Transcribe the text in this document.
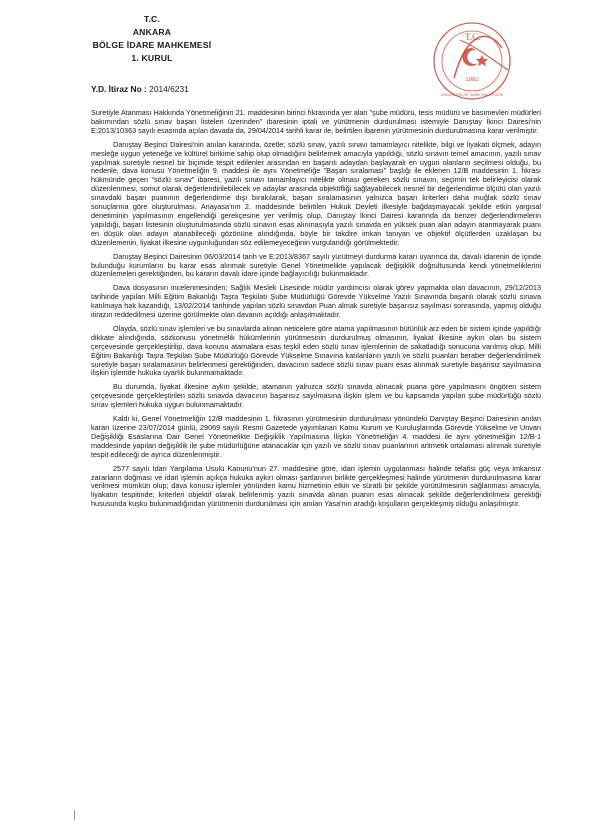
T.C.
ANKARA
BÖLGE İDARE MAHKEMESİ
1. KURUL
Y.D. İtiraz No : 2014/6231
T.C.
1982
ANKARA BÖLGE İDARE MAHKEMESİ

Suretiyle Atanması Hakkında Yönetmeliğinin 21. maddesinin birinci fıkrasında yer alan "şube müdürü, tesis müdürü ve basımevleri müdürleri bakımından sözlü sınav başarı listeleri üzerinden" ibaresinin iptali ve yürütmenin durdurulması istemiyle Danıştay İkinci Dairesi'nin E:2013/10363 sayılı esasında açılan davada da, 29/04/2014 tarihli karar ile, belirtilen ibarenin yürütmesinin durdurulmasına karar verilmiştir.

Danıştay Beşinci Dairesi'nin anılan kararında, özetle; sözlü sınav, yazılı sınavı tamamlayıcı nitelikte, bilgi ve liyakati ölçmek, adayın mesleğe uygun yeteneğe ve kültürel birikime sahip olup olmadığını belirlemek amacıyla yapıldığı, sözlü sınavın temel amacının, yazılı sınav yapılmak suretiyle nesnel bir biçimde tespit edilenler arasından en başarılı adaydan başlayarak en uygun olanların seçilmesi olduğu, bu nedenle, dava konusu Yönetmeliğin 9. maddesi ile aynı Yönetmeliğe "Başarı sıralaması" başlığı ile eklenen 12/B maddesinin 1. fıkrası hükmünde geçen "sözlü sınav" ibaresi, yazılı sınavı tamamlayıcı nitelikte olması gereken sözlü sınavın, seçimin tek belirleyicisi olarak düzenlenmesi, somut olarak değerlendirilebilecek ve adaylar arasında objektifliği sağlayabilecek nesnel bir değerlendirme ölçütü olan yazılı sınavdaki başarı puanının değerlendirme dışı bırakılarak, başarı sıralamasının yalnızca başarı kriterleri daha muğlak sözlü sınav sonuçlarına göre oluşturulması, Anayasa'nın 2. maddesinde belirtilen Hukuk Devleti ilkesiyle bağdaşmayacak şekilde etkin yargısal denetiminin yapılmasının engellendiği gerekçesine yer verilmiş olup, Danıştay İkinci Dairesi kararında da benzer değerlendirmelerin yapıldığı, başarı listesinin oluşturulmasında sözlü sınavın esas alınmasıyla yazılı sınavda en yüksek puan alan adayın atanmayarak puanı en düşük olan adayın atanabileceği gözönüne alındığında, böyle bir takdire imkan tanıyan ve objektif ölçütlerden uzaklaşan bu düzenlemenin, liyakat ilkesine uygunluğundan söz edilemeyeceğinin vurgulandığı görülmektedir.

Danıştay Beşinci Dairesinin 06/03/2014 tarih ve E:2013/8367 sayılı yürütmeyi durdurma kararı uyarınca da, davalı idarenin de içinde bulunduğu kurumların bu karar esas alınmak suretiyle Genel Yönetmelikte yapılacak değişiklik doğrultusunda kendi yönetmeliklerini düzenlemeleri gerektiğinden, bu kararın davalı idare içinde bağlayıcılığı bulunmaktadır.

Dava dosyasının incelenmesinden; Sağlık Meslek Lisesinde müdür yardımcısı olarak görev yapmakta olan davacının, 29/12/2013 tarihinde yapılan Milli Eğitim Bakanlığı Taşra Teşkilatı Şube Müdürlüğü Görevde Yükselme Yazılı Sınavında başarılı olarak sözlü sınava katılmaya hak kazandığı, 13/02/2014 tarihinde yapılan sözlü sınavdan Puan almak suretiyle başarısız sayılması sonrasında, yapmış olduğu itirazın reddedilmesi üzerine görülmekte olan davanın açıldığı anlaşılmaktadır.

Olayda, sözlü sınav işlemleri ve bu sınavlarda alınan neticelere göre atama yapılmasının bütünlük arz eden bir sistem içinde yapıldığı dikkate alındığında, sözkonusu yönetmelik hükümlerinin yürütmesinin durdurulmuş olmasının, liyakat ilkesine aykırı olan bu sistem çerçevesinde gerçekleştirilip, dava konusu atamalara esas teşkil eden sözlü sınav işlemlerinin de sakatladığı sonucuna varılmış olup, Milli Eğitim Bakanlığı Taşra Teşkilatı Şube Müdürlüğü Görevde Yükselme Sınavına katılanların yazılı ve sözlü puanları beraber değerlendirilmek suretiyle başarı sıralamasının belirlenmesi gerektiğinden, davacının sadece sözlü sınav puanı esas alınmak suretiyle başarısız sayılmasına ilişkin işlemde hukuka uyarlık bulunmamaktadır.

Bu durumda, liyakat ilkesine aykırı şekilde, atamanın yalnızca sözlü sınavda alınacak puana göre yapılmasını öngören sistem çerçevesinde gerçekleştirilen sözlü sınavda davacının başarısız sayılmasına ilişkin işlem ve bu kapsamda yapılan şube müdürlüğü sözlü sınav işlemleri hukuka uygun bulunmamaktadır.

Kaldı ki, Genel Yönetmeliğin 12/B maddesinin 1. fıkrasının yürütmesinin durdurulması yönündeki Danıştay Beşinci Dairesinin anılan kararı üzerine 23/07/2014 günlü, 29069 sayılı Resmi Gazetede yayımlanan Kamu Kurum ve Kuruluşlarında Görevde Yükselme ve Unvan Değişikliği Esaslarına Dair Genel Yönetmelikte Değişiklik Yapılmasına İlişkin Yönetmeliğin 4. maddesi ile aynı yönetmeliğin 12/B-1 maddesinde yapılan değişiklik ile şube müdürlüğüne atanacaklar için yazılı ve sözlü sınav puanlarının aritmetik ortalaması alınmak suretiyle tespit edileceği de ayrıca düzenlenmiştir.

2577 sayılı İdari Yargılama Usulü Kanunu'nun 27. maddesine göre, idari işlemin uygulanması halinde telafisi güç veya imkansız zararların doğması ve idari işlemin açıkça hukuka aykırı olması şartlarının birlikte gerçekleşmesi halinde yürütmenin durdurulmasına karar verilmesi mümkün olup; dava konusu işlemler yönünden kamu hizmetinin etkin ve süratli bir şekilde yürütülmesinin sağlanması amacıyla, liyakatın tespitinde; kriterleri objektif olarak belirlenmiş yazılı sınavda alınan puanın esas alınacak şekilde değerlendirilmesi gerektiği hususunda kuşku bulunmadığından yürütmenin durdurulması için anılan Yasa'nın aradığı koşulların gerçekleşmiş olduğu anlaşılmıştır.
